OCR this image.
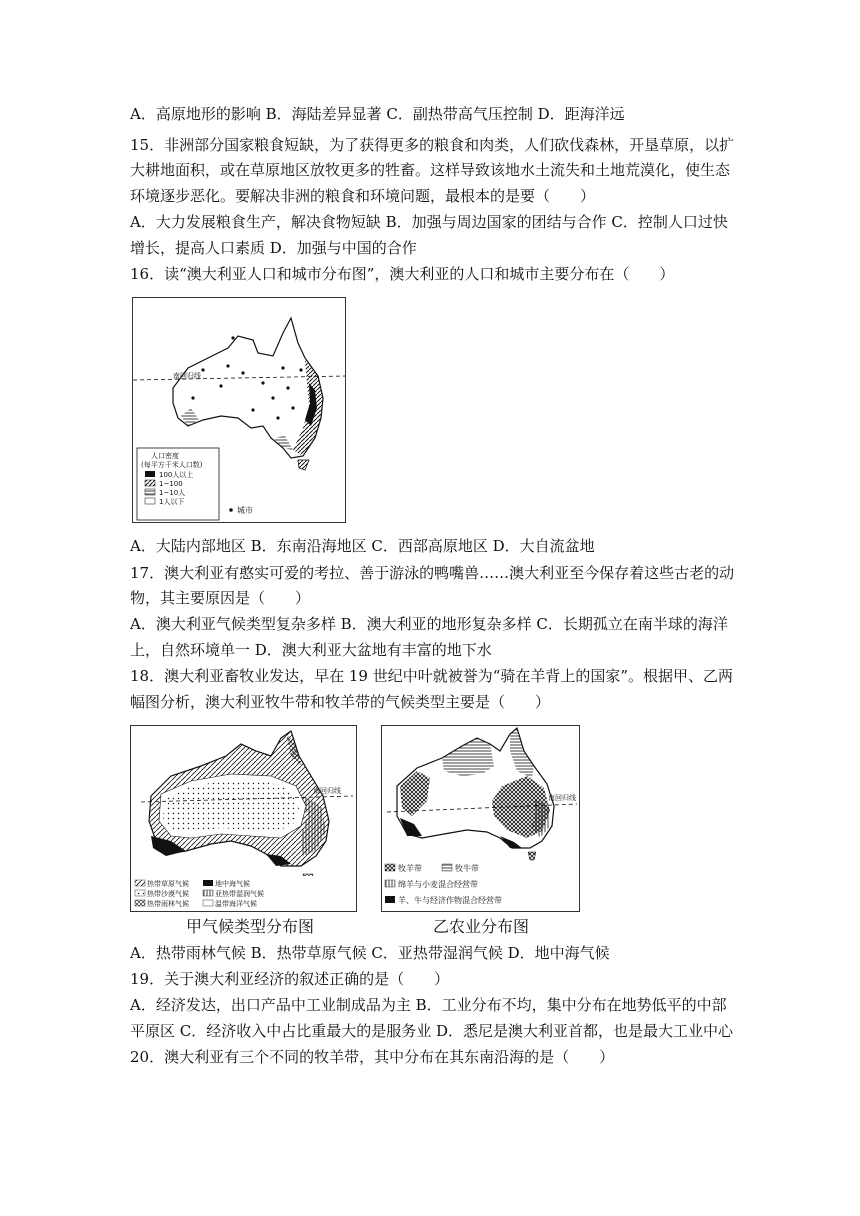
A．高原地形的影响 B．海陆差异显著 C．副热带高气压控制 D．距海洋远
15．非洲部分国家粮食短缺，为了获得更多的粮食和肉类，人们砍伐森林，开垦草原，以扩
大耕地面积，或在草原地区放牧更多的牲畜。这样导致该地水土流失和土地荒漠化，使生态
环境逐步恶化。要解决非洲的粮食和环境问题，最根本的是要（　　）
A．大力发展粮食生产，解决食物短缺 B．加强与周边国家的团结与合作 C．控制人口过快
增长，提高人口素质 D．加强与中国的合作
16．读“澳大利亚人口和城市分布图”，澳大利亚的人口和城市主要分布在（　　）
南回归线
人口密度
(每平方千米人口数)
100人以上
1~100
1~10人
1人以下
城市
A．大陆内部地区 B．东南沿海地区 C．西部高原地区 D．大自流盆地
17．澳大利亚有憨实可爱的考拉、善于游泳的鸭嘴兽……澳大利亚至今保存着这些古老的动
物，其主要原因是（　　）
A．澳大利亚气候类型复杂多样 B．澳大利亚的地形复杂多样 C．长期孤立在南半球的海洋
上，自然环境单一 D．澳大利亚大盆地有丰富的地下水
18．澳大利亚畜牧业发达，早在 19 世纪中叶就被誉为“骑在羊背上的国家”。根据甲、乙两
幅图分析，澳大利亚牧牛带和牧羊带的气候类型主要是（　　）
南回归线
热带草原气候	地中海气候
热带沙漠气候	亚热带湿润气候
热带雨林气候	温带海洋气候
甲气候类型分布图
南回归线
牧羊带	牧牛带
绵羊与小麦混合经营带
羊、牛与经济作物混合经营带
乙农业分布图
A．热带雨林气候 B．热带草原气候 C．亚热带湿润气候 D．地中海气候
19．关于澳大利亚经济的叙述正确的是（　　）
A．经济发达，出口产品中工业制成品为主 B．工业分布不均，集中分布在地势低平的中部
平原区 C．经济收入中占比重最大的是服务业 D．悉尼是澳大利亚首都，也是最大工业中心
20．澳大利亚有三个不同的牧羊带，其中分布在其东南沿海的是（　　）
